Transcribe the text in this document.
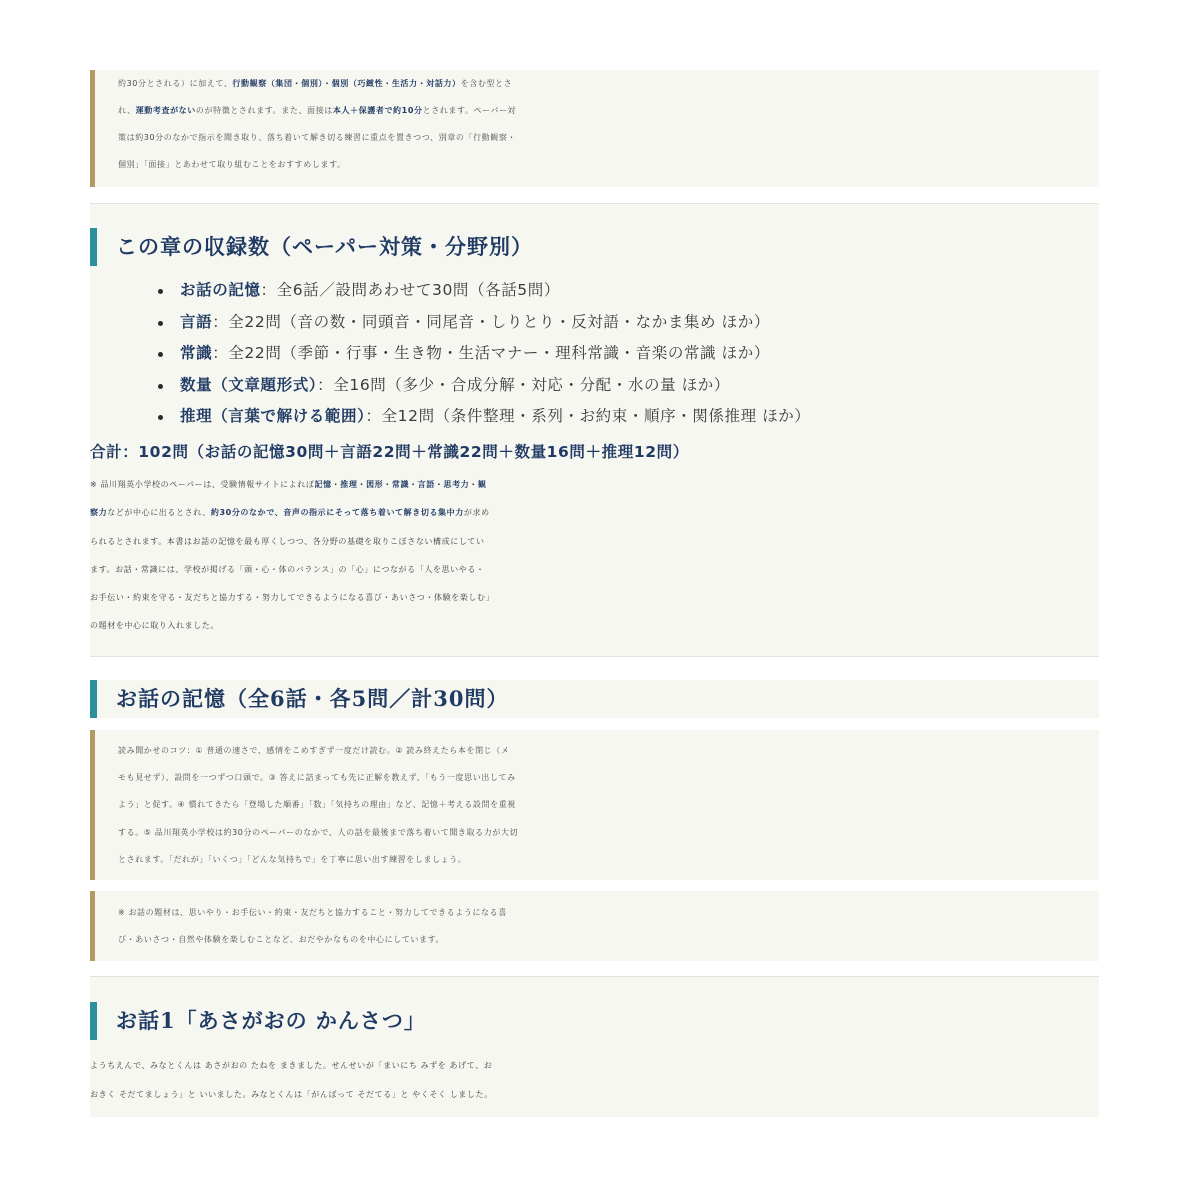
約30分とされる）に加えて、行動観察（集団・個別）・個別（巧緻性・生活力・対話力）を含む型とさ
れ、運動考査がないのが特徴とされます。また、面接は本人＋保護者で約10分とされます。ペーパー対
策は約30分のなかで指示を聞き取り、落ち着いて解き切る練習に重点を置きつつ、別章の「行動観察・
個別」「面接」とあわせて取り組むことをおすすめします。
この章の収録数（ペーパー対策・分野別）
お話の記憶：全6話／設問あわせて30問（各話5問）
言語：全22問（音の数・同頭音・同尾音・しりとり・反対語・なかま集め ほか）
常識：全22問（季節・行事・生き物・生活マナー・理科常識・音楽の常識 ほか）
数量（文章題形式）：全16問（多少・合成分解・対応・分配・水の量 ほか）
推理（言葉で解ける範囲）：全12問（条件整理・系列・お約束・順序・関係推理 ほか）
合計：102問（お話の記憶30問＋言語22問＋常識22問＋数量16問＋推理12問）
※ 品川翔英小学校のペーパーは、受験情報サイトによれば記憶・推理・図形・常識・言語・思考力・観
察力などが中心に出るとされ、約30分のなかで、音声の指示にそって落ち着いて解き切る集中力が求め
られるとされます。本書はお話の記憶を最も厚くしつつ、各分野の基礎を取りこぼさない構成にしてい
ます。お話・常識には、学校が掲げる「頭・心・体のバランス」の「心」につながる「人を思いやる・
お手伝い・約束を守る・友だちと協力する・努力してできるようになる喜び・あいさつ・体験を楽しむ」
の題材を中心に取り入れました。
お話の記憶（全6話・各5問／計30問）
読み聞かせのコツ：① 普通の速さで、感情をこめすぎず一度だけ読む。② 読み終えたら本を閉じ（メ
モも見せず）、設問を一つずつ口頭で。③ 答えに詰まっても先に正解を教えず、「もう一度思い出してみ
よう」と促す。④ 慣れてきたら「登場した順番」「数」「気持ちの理由」など、記憶＋考える設問を重視
する。⑤ 品川翔英小学校は約30分のペーパーのなかで、人の話を最後まで落ち着いて聞き取る力が大切
とされます。「だれが」「いくつ」「どんな気持ちで」を丁寧に思い出す練習をしましょう。
※ お話の題材は、思いやり・お手伝い・約束・友だちと協力すること・努力してできるようになる喜
び・あいさつ・自然や体験を楽しむことなど、おだやかなものを中心にしています。
お話1「あさがおの かんさつ」
ようちえんで、みなとくんは あさがおの たねを まきました。せんせいが「まいにち みずを あげて、お
おきく そだてましょう」と いいました。みなとくんは「がんばって そだてる」と やくそく しました。
